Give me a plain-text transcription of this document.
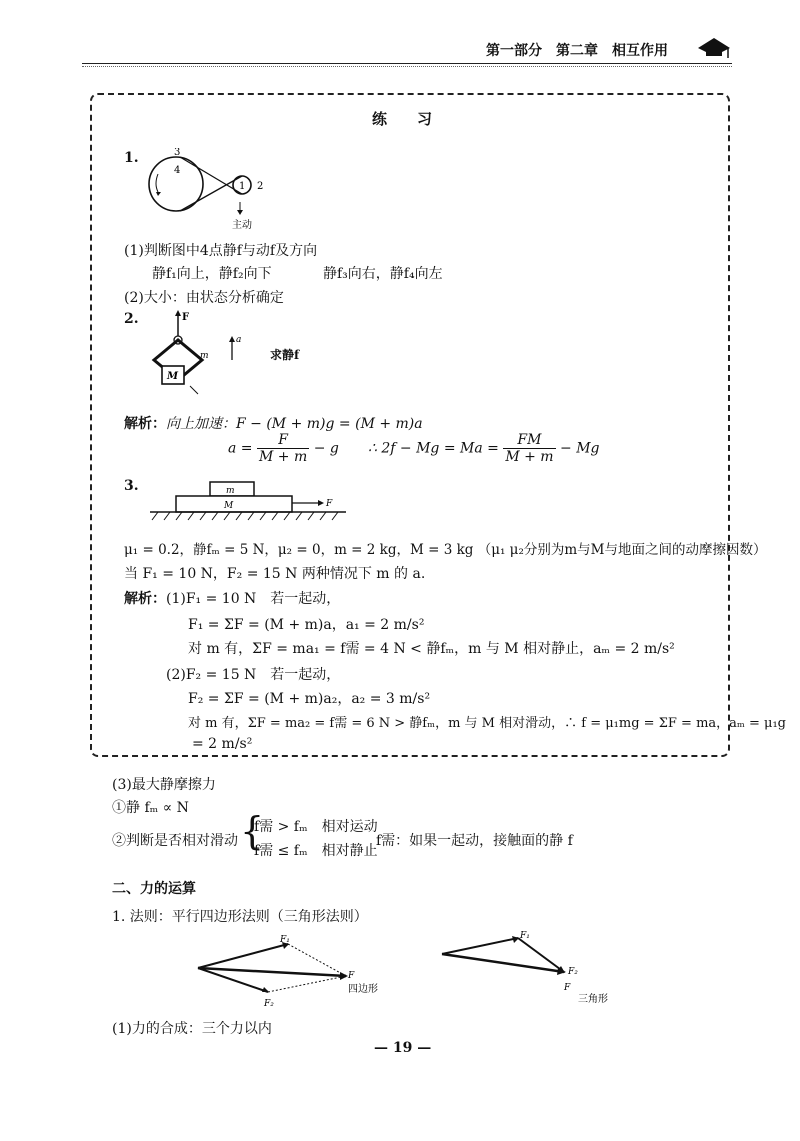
第一部分　第二章　相互作用
练　　习
1.	3
4
1 2
主动
(1)判断图中4点静f与动f及方向
静f₁向上，静f₂向下	静f₃向右，静f₄向左
(2)大小：由状态分析确定
2.	F
M
m
a
求静f
解析：向上加速：F − (M + m)g = (M + m)a
$a = \frac{F}{M + m} - g$ ∴ $2f - Mg = Ma = \frac{FM}{M + m} - Mg$
3.	m
M	F
μ₁ = 0.2，静fₘ = 5 N，μ₂ = 0，m = 2 kg，M = 3 kg （μ₁ μ₂分别为m与M与地面之间的动摩擦因数）
当 F₁ = 10 N，F₂ = 15 N 两种情况下 m 的 a.
解析：(1)F₁ = 10 N　若一起动，
F₁ = ΣF = (M + m)a，a₁ = 2 m/s²
对 m 有，ΣF = ma₁ = f需 = 4 N < 静fₘ，m 与 M 相对静止，aₘ = 2 m/s²
(2)F₂ = 15 N　若一起动，
F₂ = ΣF = (M + m)a₂，a₂ = 3 m/s²
对 m 有，ΣF = ma₂ = f需 = 6 N > 静fₘ，m 与 M 相对滑动，∴ f = μ₁mg = ΣF = ma，aₘ = μ₁g
= 2 m/s²
(3)最大静摩擦力
①静 fₘ ∝ N
②判断是否相对滑动 {
f需 > fₘ　相对运动
f需 ≤ fₘ　相对静止
f需：如果一起动，接触面的静 f
二、力的运算
1. 法则：平行四边形法则（三角形法则）
F₁
F
F₂
四边形
F₁
F₂
F
三角形
(1)力的合成：三个力以内
— 19 —
